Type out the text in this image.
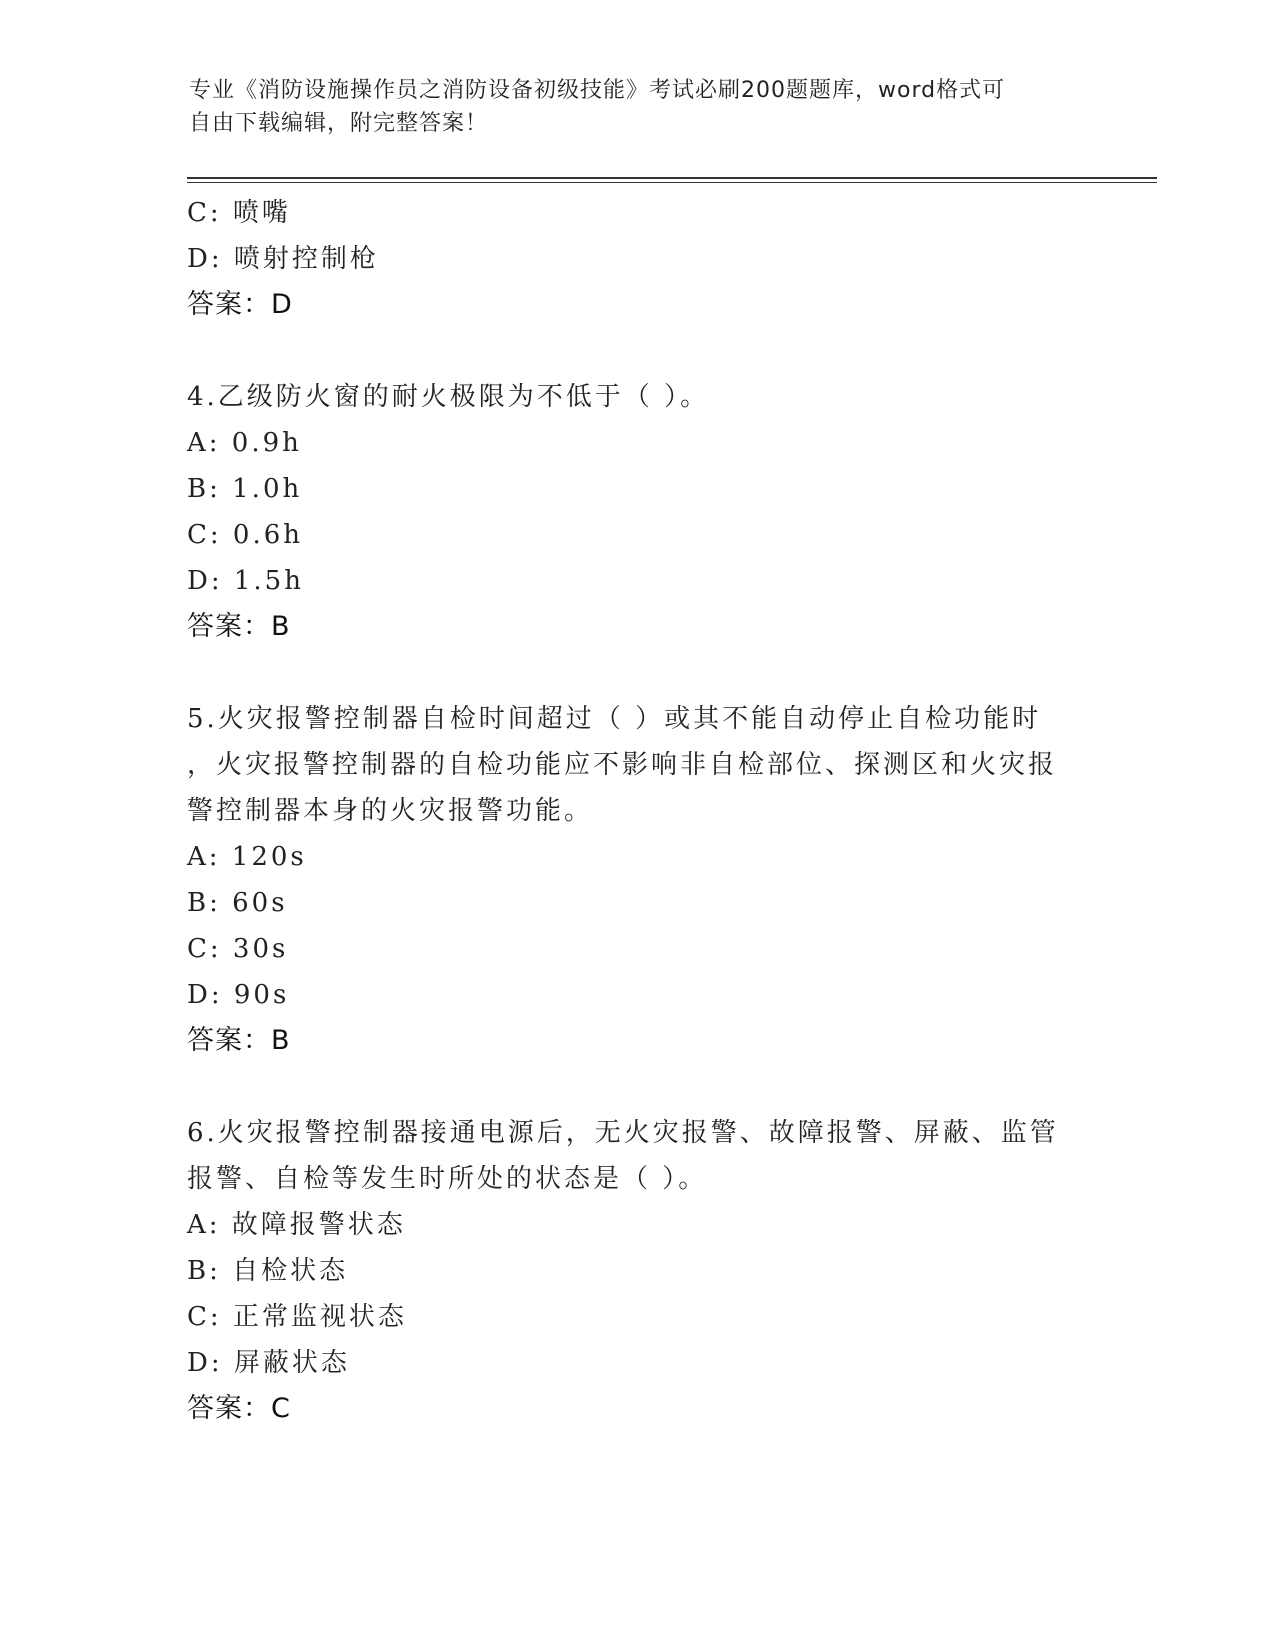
专业《消防设施操作员之消防设备初级技能》考试必刷200题题库，word格式可
自由下载编辑，附完整答案！

C: 喷嘴

D: 喷射控制枪

答案：D

4.乙级防火窗的耐火极限为不低于（ ）。

A: 0.9h

B: 1.0h

C: 0.6h

D: 1.5h

答案：B

5.火灾报警控制器自检时间超过（ ）或其不能自动停止自检功能时

，火灾报警控制器的自检功能应不影响非自检部位、探测区和火灾报

警控制器本身的火灾报警功能。

A: 120s

B: 60s

C: 30s

D: 90s

答案：B

6.火灾报警控制器接通电源后，无火灾报警、故障报警、屏蔽、监管

报警、自检等发生时所处的状态是（ ）。

A: 故障报警状态

B: 自检状态

C: 正常监视状态

D: 屏蔽状态

答案：C
